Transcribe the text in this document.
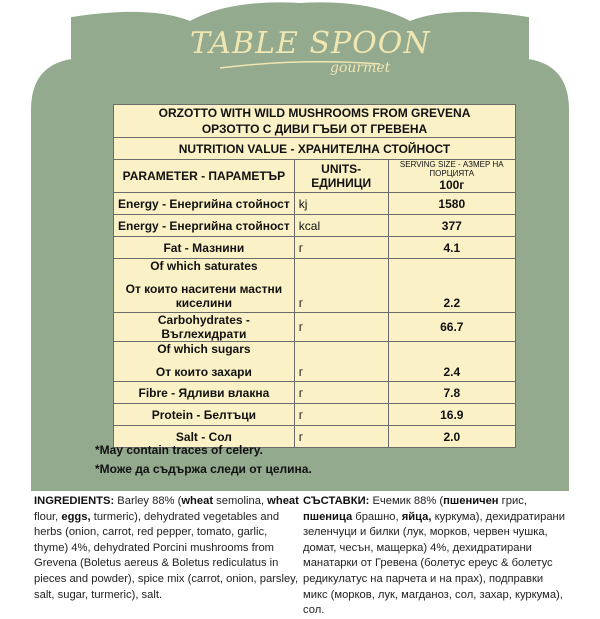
TABLE SPOON
gourmet
ORZOTTO WITH WILD MUSHROOMS FROM GREVENA
ОРЗОТТО С ДИВИ ГЪБИ ОТ ГРЕВЕНА		
NUTRITION VALUE - ХРАНИТЕЛНА СТОЙНОСТ		
PARAMETER - ПАРАМЕТЪР	UNITS-ЕДИНИЦИ	SERVING SIZE - АЗМЕР НА ПОРЦИЯТА
100г
Energy - Енергийна стойност	kj	1580
Energy - Енергийна стойност	kcal	377
Fat - Мазнини	г	4.1

Of which saturates
От които наситени мастни киселини	г	2.2
Carbohydrates - Въглехидрати	г	66.7

Of which sugars
От които захари	г	2.4
Fibre - Ядливи влакна	г	7.8
Protein - Белтъци	г	16.9
Salt - Сол	г	2.0
*May contain traces of celery.
*Може да съдържа следи от целина.
INGREDIENTS: Barley 88% (wheat semolina, wheat flour, eggs, turmeric), dehydrated vegetables and herbs (onion, carrot, red pepper, tomato, garlic, thyme) 4%, dehydrated Porcini mushrooms from Grevena (Boletus aereus & Boletus rediculatus in pieces and powder), spice mix (carrot, onion, parsley, salt, sugar, turmeric), salt.
СЪСТАВКИ: Ечемик 88% (пшеничен грис, пшеница брашно, яйца, куркума), дехидратирани зеленчуци и билки (лук, морков, червен чушка, домат, чесън, мащерка) 4%, дехидратирани манатарки от Гревена (болетус ереус & болетус редикулатус на парчета и на прах), подправки микс (морков, лук, магданоз, сол, захар, куркума), сол.
